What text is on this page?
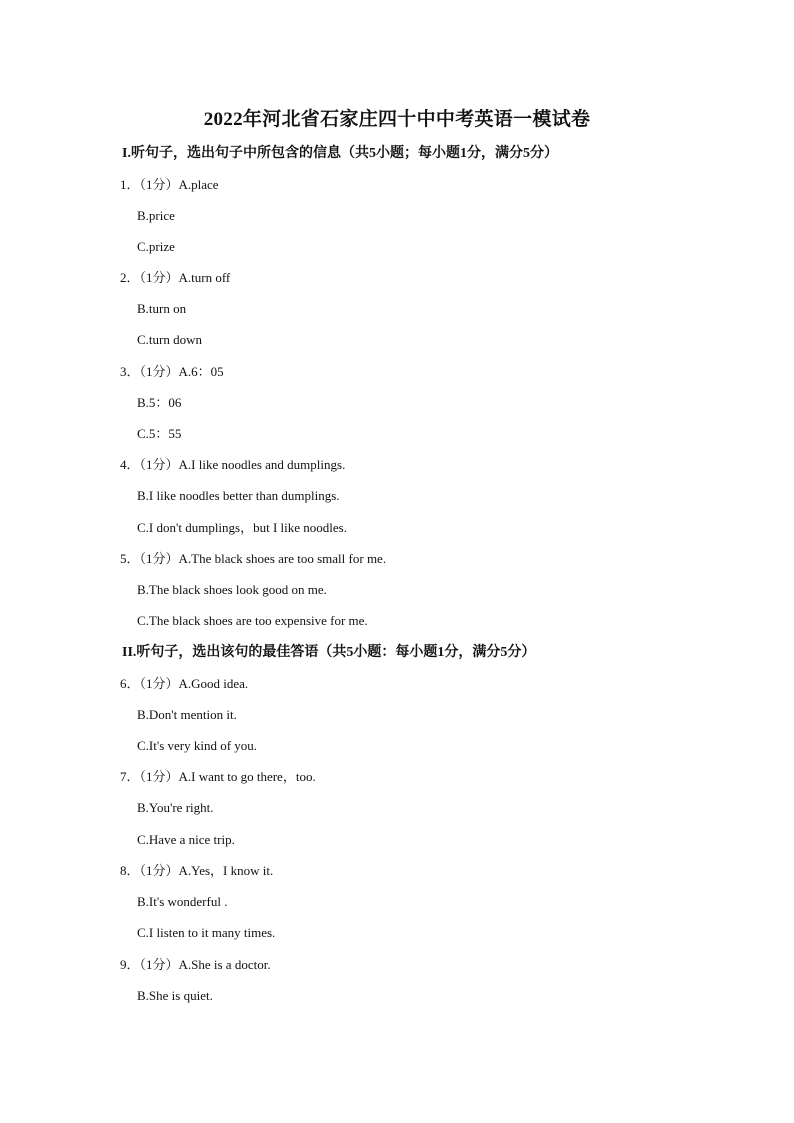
2022年河北省石家庄四十中中考英语一模试卷
I.听句子，选出句子中所包含的信息（共5小题；每小题1分，满分5分）
1．（1分）A.place
B.price
C.prize
2．（1分）A.turn off
B.turn on
C.turn down
3．（1分）A.6：05
B.5：06
C.5：55
4．（1分）A.I like noodles and dumplings.
B.I like noodles better than dumplings.
C.I don't dumplings，but I like noodles.
5．（1分）A.The black shoes are too small for me.
B.The black shoes look good on me.
C.The black shoes are too expensive for me.
II.听句子，选出该句的最佳答语（共5小题：每小题1分，满分5分）
6．（1分）A.Good idea.
B.Don't mention it.
C.It's very kind of you.
7．（1分）A.I want to go there，too.
B.You're right.
C.Have a nice trip.
8．（1分）A.Yes，I know it.
B.It's wonderful .
C.I listen to it many times.
9．（1分）A.She is a doctor.
B.She is quiet.
